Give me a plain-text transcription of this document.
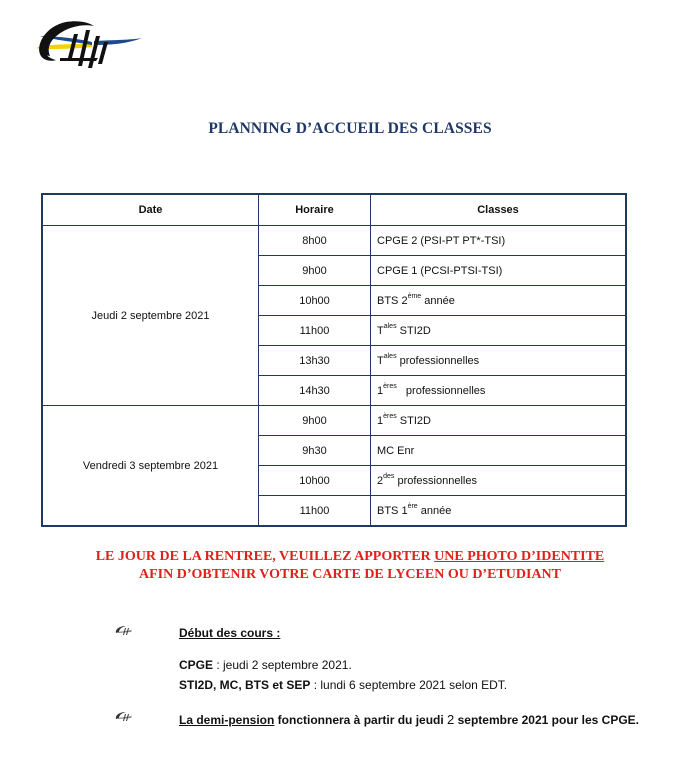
PLANNING D’ACCUEIL DES CLASSES
Date	Horaire	Classes
Jeudi 2 septembre 2021	8h00	CPGE 2 (PSI-PT PT*-TSI)
	9h00	CPGE 1 (PCSI-PTSI-TSI)
	10h00	BTS 2ème année
	11h00	$T^{ales}$ STI2D
	13h30	$T^{ales}$ professionnelles
	14h30	1ères   professionnelles
Vendredi 3 septembre 2021	9h00	1ères STI2D
	9h30	MC Enr
	10h00	$2^{des}$ professionnelles
	11h00	BTS 1ère année
LE JOUR DE LA RENTREE, VEUILLEZ APPORTER UNE PHOTO D’IDENTITE
AFIN D’OBTENIR VOTRE CARTE DE LYCEEN OU D’ETUDIANT
Début des cours :
CPGE : jeudi 2 septembre 2021.
STI2D, MC, BTS et SEP : lundi 6 septembre 2021 selon EDT.
La demi-pension fonctionnera à partir du jeudi 2 septembre 2021 pour les CPGE.
